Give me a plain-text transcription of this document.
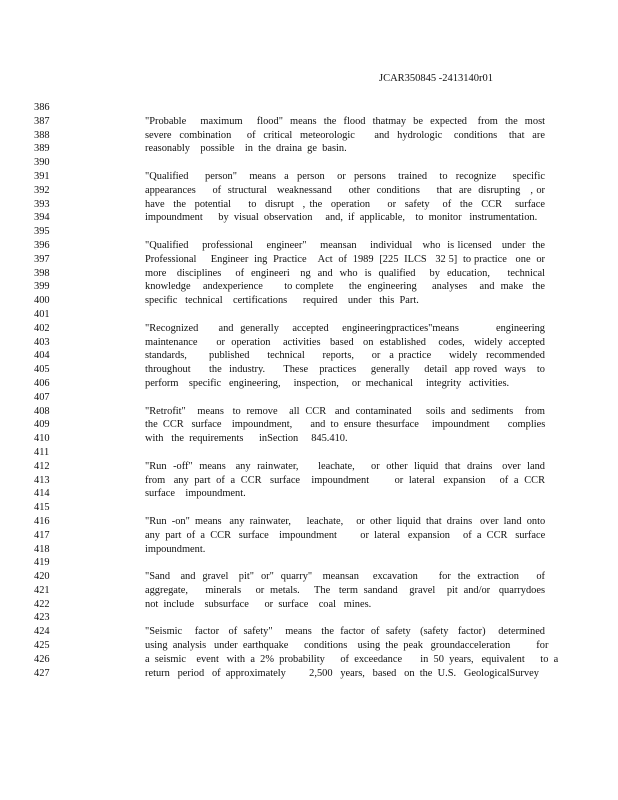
JCAR350845 -2413140r01
386
387
388
389
390
391
392
393
394
395
396
397
398
399
400
401
402
403
404
405
406
407
408
409
410
411
412
413
414
415
416
417
418
419
420
421
422
423
424
425
426
427
"Probable    maximum    flood"  means  the  flood  thatmay  be  expected   from  the  most
severe  combination    of  critical  meteorologic     and  hydrologic   conditions   that  are
reasonably    possible    in  the  draina  ge  basin.
"Qualified    person"   means  a  person   or  persons   trained   to  recognize    specific
appearances     of  structural   weaknessand     other  conditions     that  are  disrupting   , or
have  the  potential    to  disrupt  , the  operation    or  safety   of  the  CCR   surface
impoundment      by  visual  observation     and,  if  applicable,    to  monitor   instrumentation.
"Qualified    professional    engineer"    meansan    individual   who  is licensed   under  the
Professional     Engineer  ing  Practice    Act  of  1989  [225  ILCS   32 5]  to practice   one  or
more   disciplines    of  engineeri   ng  and  who  is  qualified    by  education,     technical
knowledge    andexperience       to complete     the  engineering     analyses    and  make   the
specific   technical    certifications      required    under   this  Part.
"Recognized      and  generally    accepted    engineeringpractices"means           engineering
maintenance      or  operation    activities   based   on  established    codes,   widely  accepted
standards,     published    technical    reports,    or  a practice    widely  recommended
throughout     the  industry.     These   practices    generally    detail  app roved  ways   to
perform    specific   engineering,     inspection,     or  mechanical     integrity   activities.
"Retrofit"    means   to  remove    all  CCR   and  contaminated     soils  and  sediments    from
the  CCR   surface    impoundment,       and  to  ensure  thesurface     impoundment       complies
with   the  requirements      inSection     845.410.
"Run  -off"  means   any  rainwater,      leachate,     or  other  liquid  that  drains   over  land
from   any  part  of  a  CCR   surface    impoundment         or  lateral   expansion     of  a  CCR
surface    impoundment.
"Run  -on"  means   any  rainwater,      leachate,     or  other  liquid  that  drains   over  land  onto
any  part  of  a  CCR   surface    impoundment         or  lateral   expansion     of  a  CCR   surface
impoundment.
"Sand   and  gravel   pit"  or"  quarry"   meansan    excavation      for  the  extraction     of
aggregate,      minerals     or  metals.     The   term  sandand    gravel    pit  and/or   quarrydoes
not  include    subsurface      or  surface    coal   mines.
"Seismic    factor   of  safety"    means   the  factor  of  safety   (safety   factor)    determined
using  analysis   under  earthquake      conditions    using  the  peak   groundacceleration          for
a  seismic    event   with  a  2%  probability      of  exceedance       in  50  years,   equivalent      to  a
return   period   of  approximately         2,500   years,   based   on  the  U.S.   GeologicalSurvey
